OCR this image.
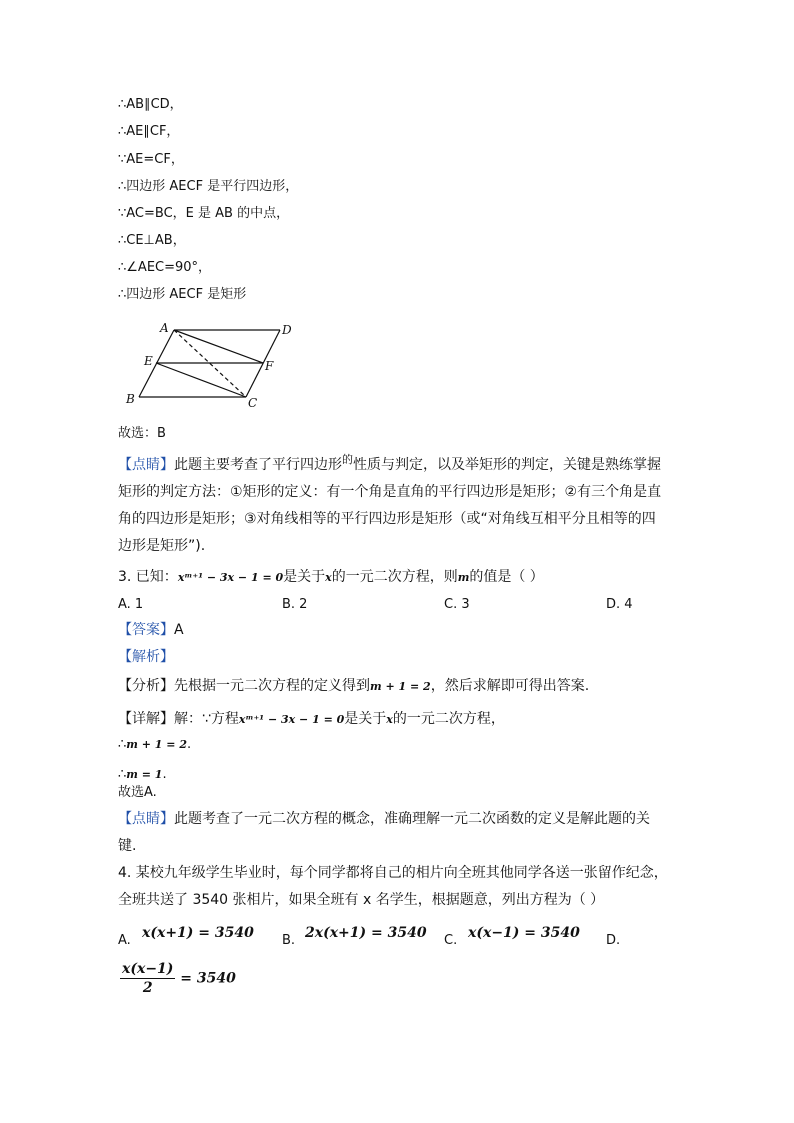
∴AB∥CD，
∴AE∥CF，
∵AE=CF，
∴四边形 AECF 是平行四边形，
∵AC=BC，E 是 AB 的中点，
∴CE⊥AB，
∴∠AEC=90°，
∴四边形 AECF 是矩形
A	D
E	F
B	C
故选：B
【点睛】此题主要考查了平行四边形$^的$性质与判定，以及举矩形的判定，关键是熟练掌握
矩形的判定方法：①矩形的定义：有一个角是直角的平行四边形是矩形；②有三个角是直
角的四边形是矩形；③对角线相等的平行四边形是矩形（或“对角线互相平分且相等的四
边形是矩形”).
3. 已知：xᵐ⁺¹ − 3x − 1 = 0是关于x的一元二次方程，则m的值是（ ）
A. 1	B. 2	C. 3	D. 4
【答案】A
【解析】
【分析】先根据一元二次方程的定义得到m + 1 = 2，然后求解即可得出答案.
【详解】解：∵方程xᵐ⁺¹ − 3x − 1 = 0是关于x的一元二次方程，
∴m + 1 = 2.
∴m = 1.
故选A.
【点睛】此题考查了一元二次方程的概念，准确理解一元二次函数的定义是解此题的关
键.
4. 某校九年级学生毕业时，每个同学都将自己的相片向全班其他同学各送一张留作纪念，
全班共送了 3540 张相片，如果全班有 x 名学生，根据题意，列出方程为（ ）
A. x(x+1) = 3540 B. 2x(x+1) = 3540 C. x(x−1) = 3540 D.
$\frac{x(x-1)}{2} = 3540$
